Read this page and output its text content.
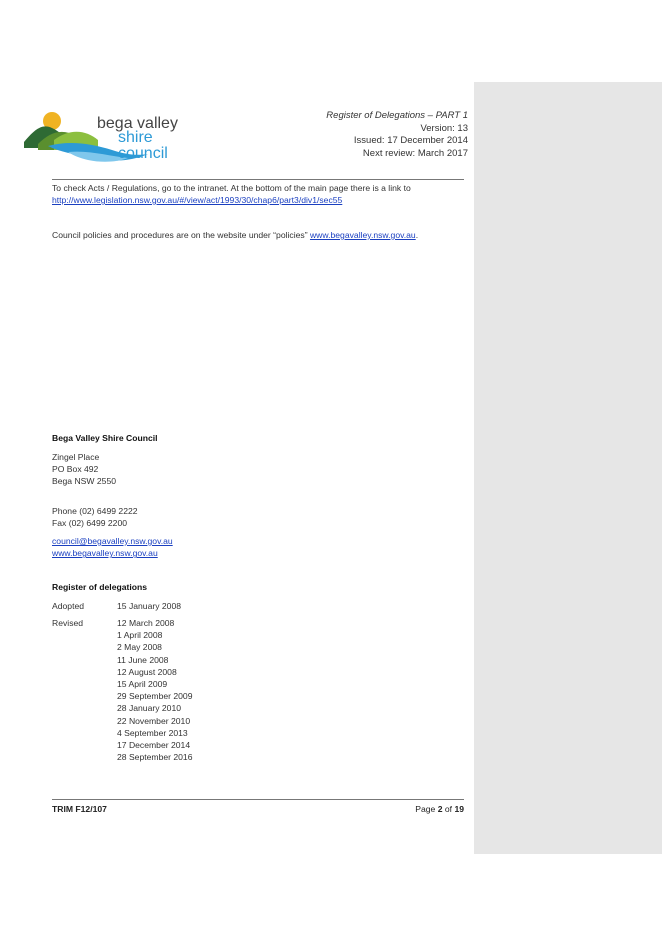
bega valley
shire council
Register of Delegations – PART 1
Version: 13
Issued: 17 December 2014
Next review: March 2017
To check Acts / Regulations, go to the intranet. At the bottom of the main page there is a link to
http://www.legislation.nsw.gov.au/#/view/act/1993/30/chap6/part3/div1/sec55
Council policies and procedures are on the website under “policies” www.begavalley.nsw.gov.au.
Bega Valley Shire Council
Zingel Place
PO Box 492
Bega NSW 2550
Phone (02) 6499 2222
Fax (02) 6499 2200
council@begavalley.nsw.gov.au
www.begavalley.nsw.gov.au
Register of delegations
Adopted	15 January 2008
Revised	12 March 2008
1 April 2008
2 May 2008
11 June 2008
12 August 2008
15 April 2009
29 September 2009
28 January 2010
22 November 2010
4 September 2013
17 December 2014
28 September 2016
TRIM F12/107	Page 2 of 19
